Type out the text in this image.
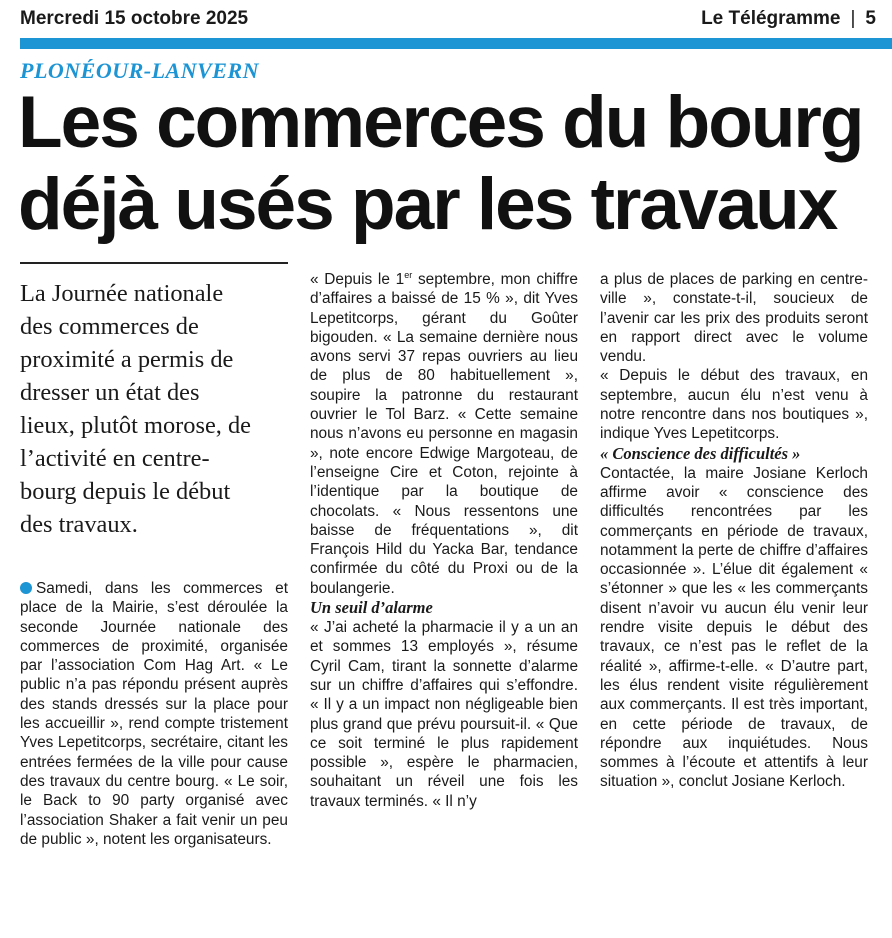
Mercredi 15 octobre 2025	Le Télégramme | 5
PLONÉOUR-LANVERN
Les commerces du bourg
déjà usés par les travaux
La Journée nationale
des commerces de
proximité a permis de
dresser un état des
lieux, plutôt morose, de
l’activité en centre-
bourg depuis le début
des travaux.

Samedi, dans les commerces et place de la Mairie, s’est déroulée la seconde Journée nationale des commerces de proximité, organisée par l’association Com Hag Art. « Le public n’a pas répondu présent auprès des stands dressés sur la place pour les accueillir », rend compte tristement Yves Lepetitcorps, secrétaire, citant les entrées fermées de la ville pour cause des travaux du centre bourg. « Le soir, le Back to 90 party organisé avec l’association Shaker a fait venir un peu de public », notent les organisateurs.

« Depuis le 1er septembre, mon chiffre d’affaires a baissé de 15 % », dit Yves Lepetitcorps, gérant du Goûter bigouden. « La semaine dernière nous avons servi 37 repas ouvriers au lieu de plus de 80 habituellement », soupire la patronne du restaurant ouvrier le Tol Barz. « Cette semaine nous n’avons eu personne en magasin », note encore Edwige Margoteau, de l’enseigne Cire et Coton, rejointe à l’identique par la boutique de chocolats. « Nous ressentons une baisse de fréquentations », dit François Hild du Yacka Bar, tendance confirmée du côté du Proxi ou de la boulangerie.

Un seuil d’alarme

« J’ai acheté la pharmacie il y a un an et sommes 13 employés », résume Cyril Cam, tirant la sonnette d’alarme sur un chiffre d’affaires qui s’effondre. « Il y a un impact non négligeable bien plus grand que prévu poursuit-il. « Que ce soit terminé le plus rapidement possible », espère le pharmacien, souhaitant un réveil une fois les travaux terminés. « Il n’y

a plus de places de parking en centre-ville », constate-t-il, soucieux de l’avenir car les prix des produits seront en rapport direct avec le volume vendu.

« Depuis le début des travaux, en septembre, aucun élu n’est venu à notre rencontre dans nos boutiques », indique Yves Lepetitcorps.

« Conscience des difficultés »

Contactée, la maire Josiane Kerloch affirme avoir « conscience des difficultés rencontrées par les commerçants en période de travaux, notamment la perte de chiffre d’affaires occasionnée ». L’élue dit également « s’étonner » que les « les commerçants disent n’avoir vu aucun élu venir leur rendre visite depuis le début des travaux, ce n’est pas le reflet de la réalité », affirme-t-elle. « D’autre part, les élus rendent visite régulièrement aux commerçants. Il est très important, en cette période de travaux, de répondre aux inquiétudes. Nous sommes à l’écoute et attentifs à leur situation », conclut Josiane Kerloch.
